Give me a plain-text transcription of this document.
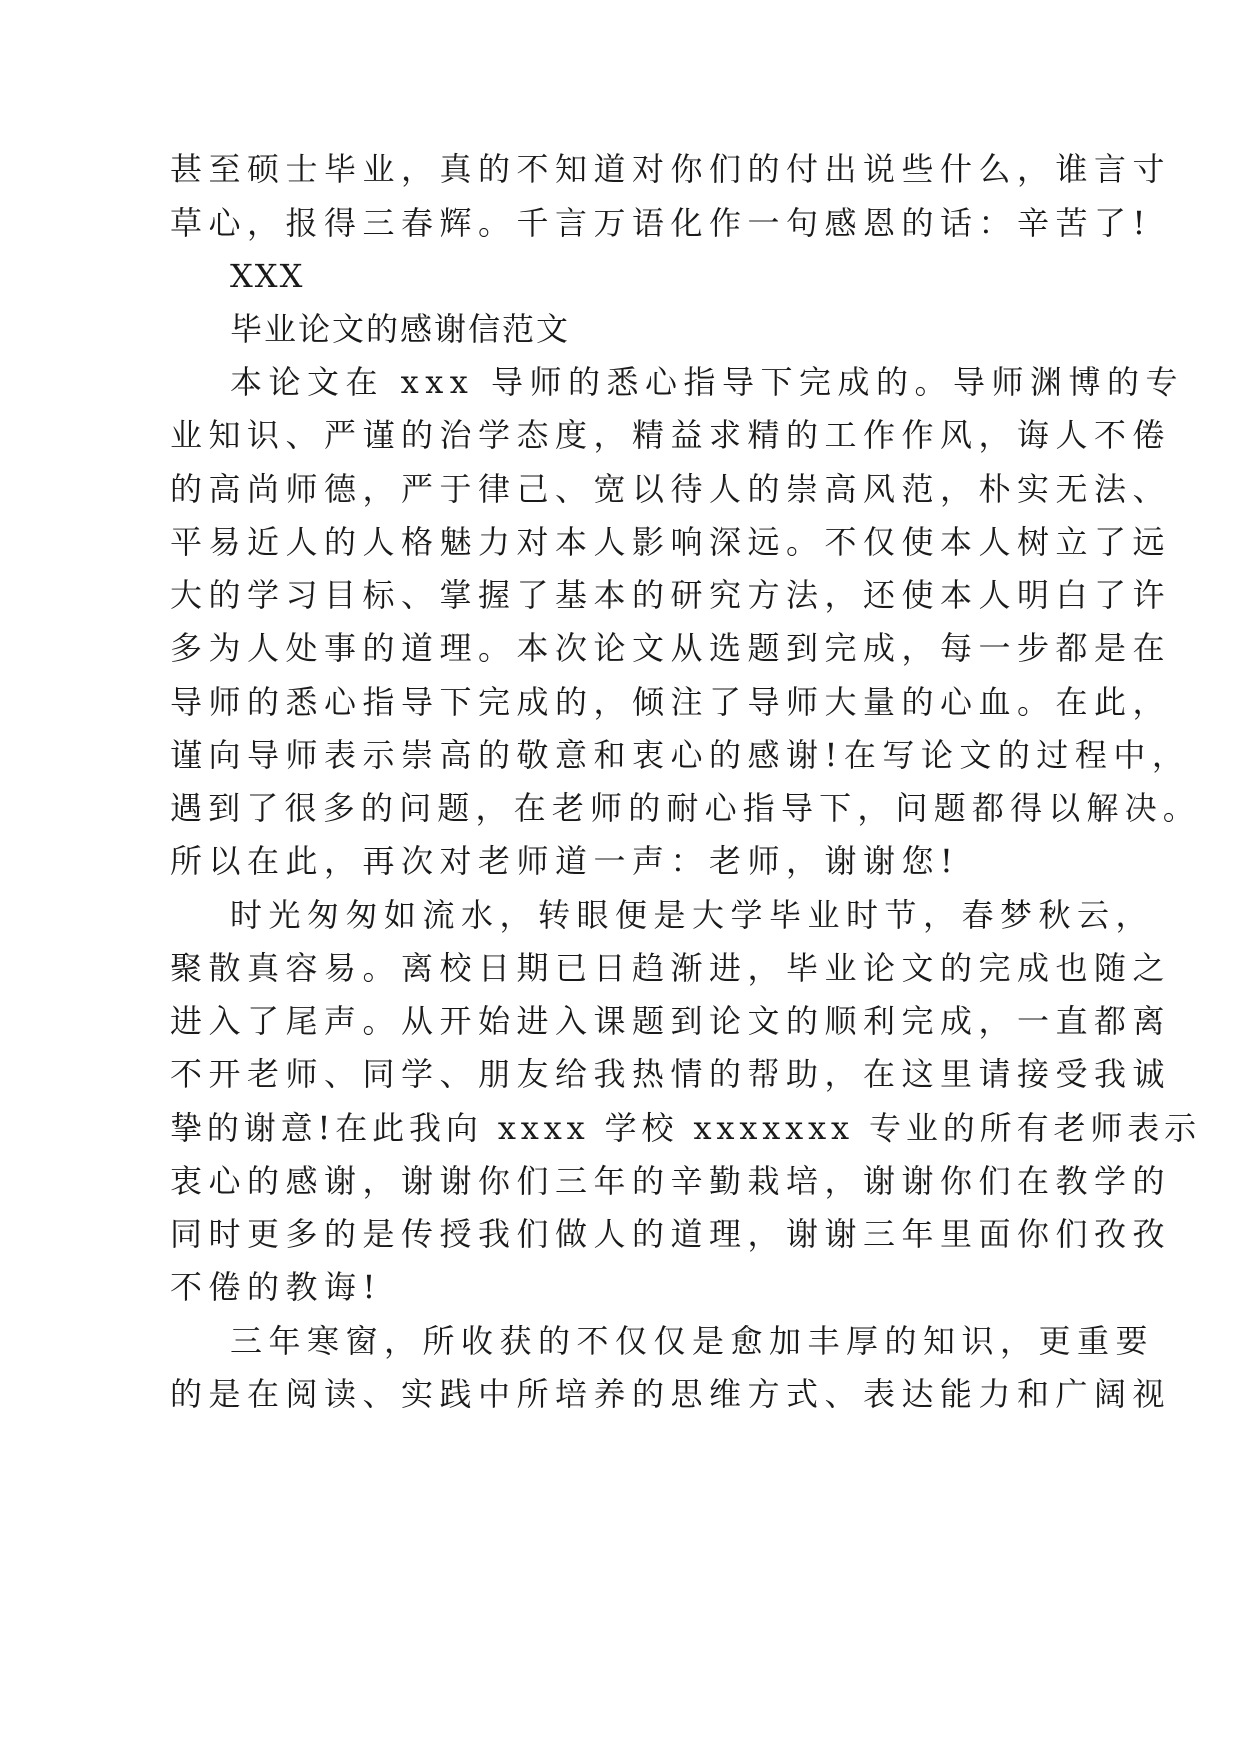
甚至硕士毕业，真的不知道对你们的付出说些什么，谁言寸

草心，报得三春辉。千言万语化作一句感恩的话：辛苦了!

XXX

毕业论文的感谢信范文

本论文在 xxx 导师的悉心指导下完成的。导师渊博的专

业知识、严谨的治学态度，精益求精的工作作风，诲人不倦

的高尚师德，严于律己、宽以待人的崇高风范，朴实无法、

平易近人的人格魅力对本人影响深远。不仅使本人树立了远

大的学习目标、掌握了基本的研究方法，还使本人明白了许

多为人处事的道理。本次论文从选题到完成，每一步都是在

导师的悉心指导下完成的，倾注了导师大量的心血。在此，

谨向导师表示崇高的敬意和衷心的感谢!在写论文的过程中，

遇到了很多的问题，在老师的耐心指导下，问题都得以解决。

所以在此，再次对老师道一声：老师，谢谢您!

时光匆匆如流水，转眼便是大学毕业时节，春梦秋云，

聚散真容易。离校日期已日趋渐进，毕业论文的完成也随之

进入了尾声。从开始进入课题到论文的顺利完成，一直都离

不开老师、同学、朋友给我热情的帮助，在这里请接受我诚

挚的谢意!在此我向 xxxx 学校 xxxxxxx 专业的所有老师表示

衷心的感谢，谢谢你们三年的辛勤栽培，谢谢你们在教学的

同时更多的是传授我们做人的道理，谢谢三年里面你们孜孜

不倦的教诲!

三年寒窗，所收获的不仅仅是愈加丰厚的知识，更重要

的是在阅读、实践中所培养的思维方式、表达能力和广阔视
